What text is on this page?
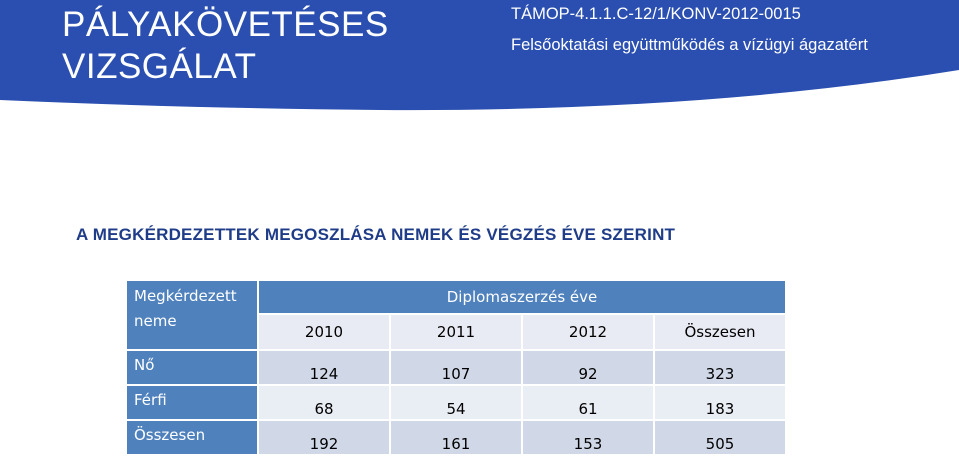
PÁLYAKÖVETÉSES
VIZSGÁLAT
TÁMOP-4.1.1.C-12/1/KONV-2012-0015
Felsőoktatási együttműködés a vízügyi ágazatért
A MEGKÉRDEZETTEK MEGOSZLÁSA NEMEK ÉS VÉGZÉS ÉVE SZERINT
Megkérdezett
neme	Diplomaszerzés éve			
	2010	2011	2012	Összesen
Nő	124	107	92	323
Férfi	68	54	61	183
Összesen	192	161	153	505
